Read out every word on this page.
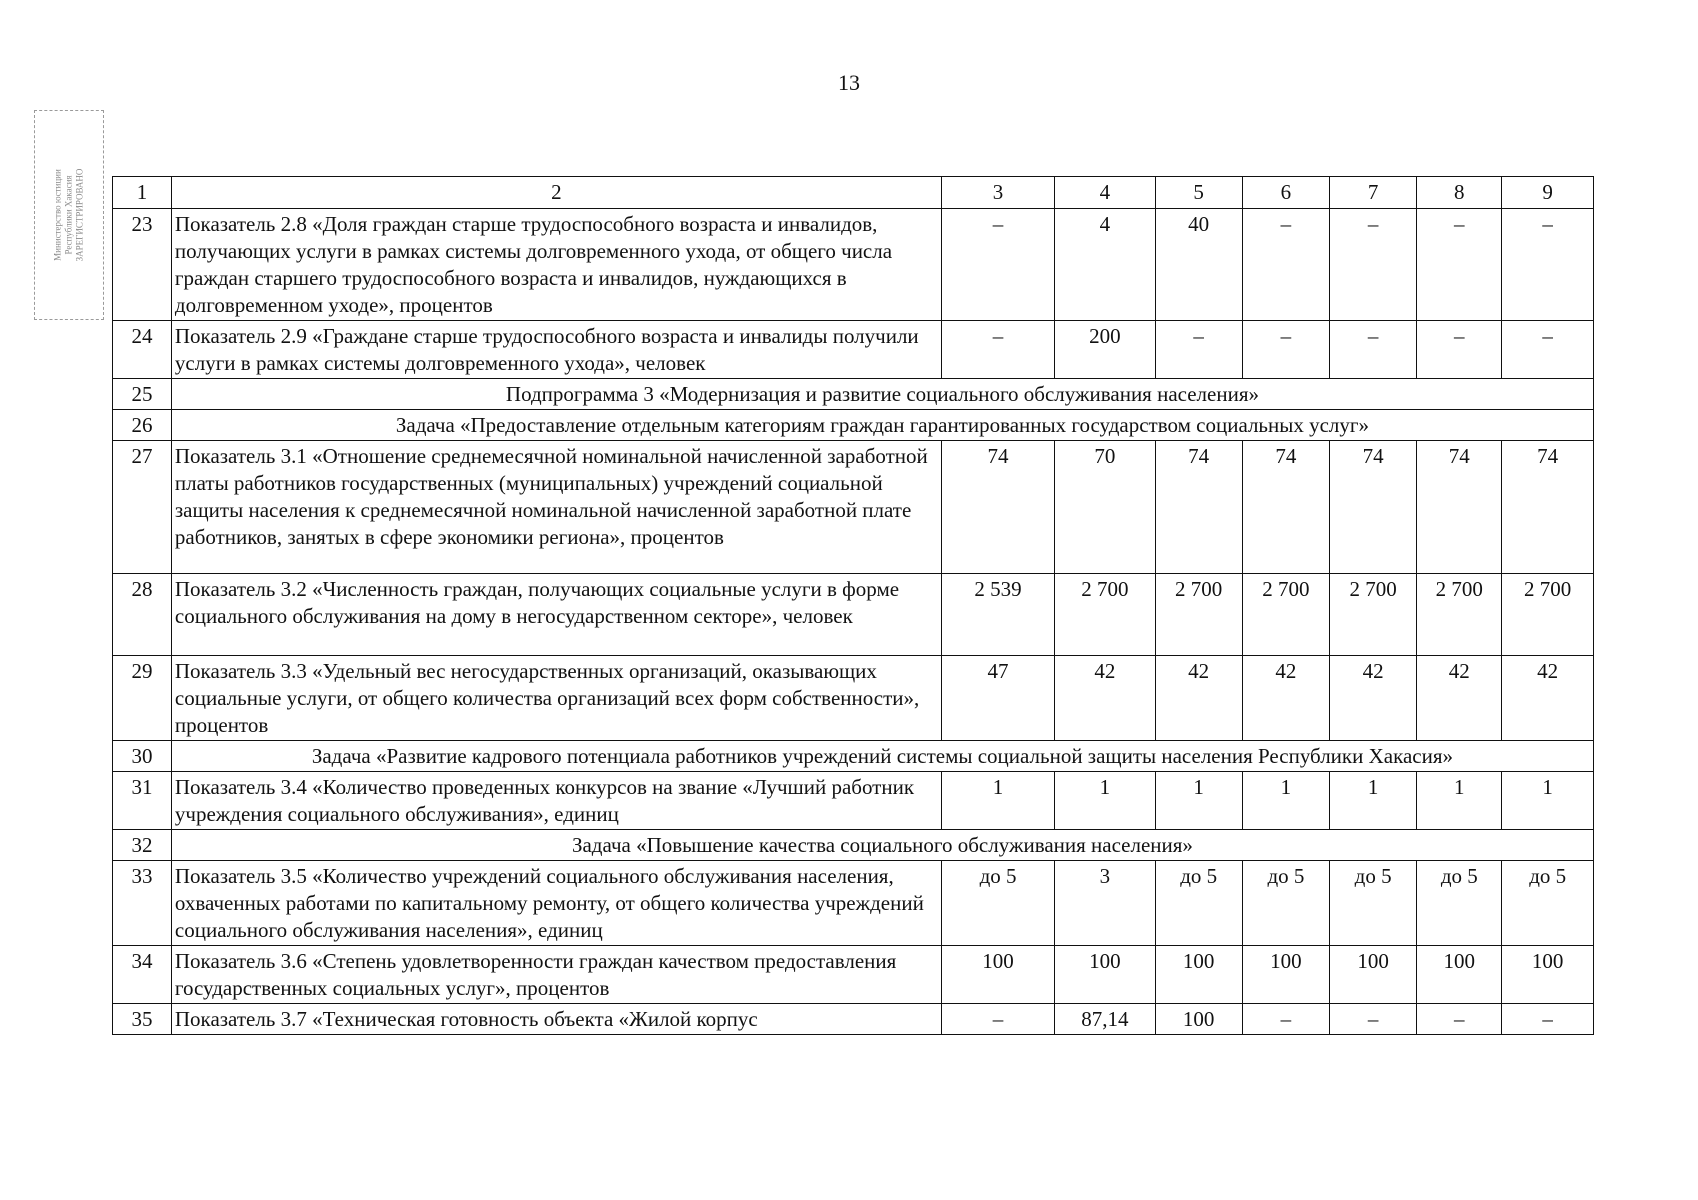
13
Министерство юстиции Республики Хакасия ЗАРЕГИСТРИРОВАНО 1	2	3	4	5	6	7	8	9
23	Показатель 2.8 «Доля граждан старше трудоспособного возраста и инвалидов, получающих услуги в рамках системы долговременного ухода, от общего числа граждан старшего трудоспособного возраста и инвалидов, нуждающихся в долговременном уходе», процентов	–	4	40	–	–	–	–
24	Показатель 2.9 «Граждане старше трудоспособного возраста и инвалиды получили услуги в рамках системы долговременного ухода», человек	–	200	–	–	–	–	–
25	Подпрограмма 3 «Модернизация и развитие социального обслуживания населения»							
26	Задача «Предоставление отдельным категориям граждан гарантированных государством социальных услуг»							
27	Показатель 3.1 «Отношение среднемесячной номинальной начисленной заработной платы работников государственных (муниципальных) учреждений социальной защиты населения к среднемесячной номинальной начисленной заработной плате работников, занятых в сфере экономики региона», процентов	74	70	74	74	74	74	74
28	Показатель 3.2 «Численность граждан, получающих социальные услуги в форме социального обслуживания на дому в негосударственном секторе», человек	2 539	2 700	2 700	2 700	2 700	2 700	2 700
29	Показатель 3.3 «Удельный вес негосударственных организаций, оказывающих социальные услуги, от общего количества организаций всех форм собственности», процентов	47	42	42	42	42	42	42
30	Задача «Развитие кадрового потенциала работников учреждений системы социальной защиты населения Республики Хакасия»							
31	Показатель 3.4 «Количество проведенных конкурсов на звание «Лучший работник учреждения социального обслуживания», единиц	1	1	1	1	1	1	1
32	Задача «Повышение качества социального обслуживания населения»							
33	Показатель 3.5 «Количество учреждений социального обслуживания населения, охваченных работами по капитальному ремонту, от общего количества учреждений социального обслуживания населения», единиц	до 5	3	до 5	до 5	до 5	до 5	до 5
34	Показатель 3.6 «Степень удовлетворенности граждан качеством предоставления государственных социальных услуг», процентов	100	100	100	100	100	100	100
35	Показатель 3.7 «Техническая готовность объекта «Жилой корпус	–	87,14	100	–	–	–	–
